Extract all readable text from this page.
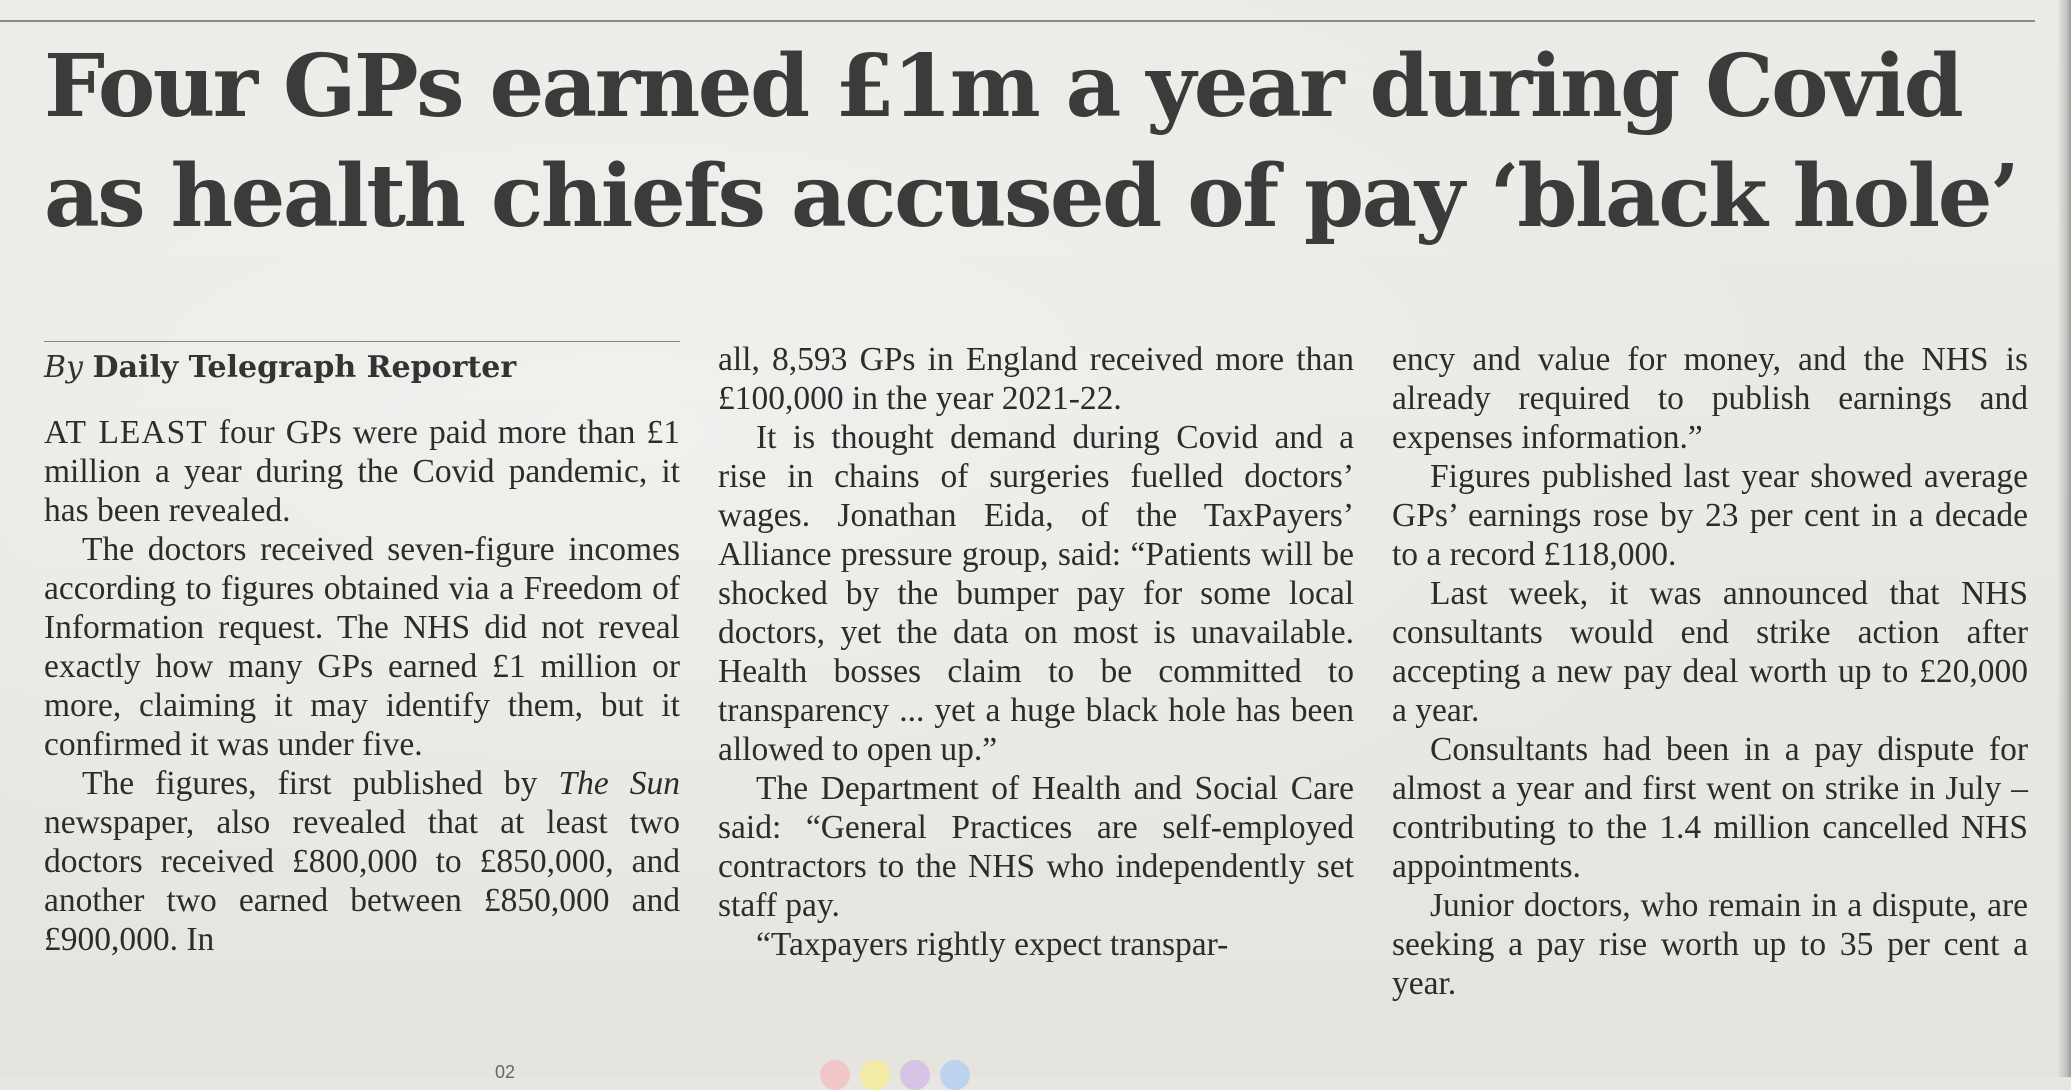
Four GPs earned £1m a year during Covid
as health chiefs accused of pay ‘black hole’
By Daily Telegraph Reporter

AT LEAST four GPs were paid more than £1 million a year during the Covid pandemic, it has been revealed.

The doctors received seven-figure incomes according to figures obtained via a Freedom of Information request. The NHS did not reveal exactly how many GPs earned £1 million or more, claiming it may identify them, but it confirmed it was under five.

The figures, first published by The Sun newspaper, also revealed that at least two doctors received £800,000 to £850,000, and another two earned between £850,000 and £900,000. In

all, 8,593 GPs in England received more than £100,000 in the year 2021-22.

It is thought demand during Covid and a rise in chains of surgeries fuelled doctors’ wages. Jonathan Eida, of the TaxPayers’ Alliance pressure group, said: “Patients will be shocked by the bumper pay for some local doctors, yet the data on most is unavailable. Health bosses claim to be committed to transparency ... yet a huge black hole has been allowed to open up.”

The Department of Health and Social Care said: “General Practices are self-employed contractors to the NHS who independently set staff pay.

“Taxpayers rightly expect transpar-

ency and value for money, and the NHS is already required to publish earnings and expenses information.”

Figures published last year showed average GPs’ earnings rose by 23 per cent in a decade to a record £118,000.

Last week, it was announced that NHS consultants would end strike action after accepting a new pay deal worth up to £20,000 a year.

Consultants had been in a pay dispute for almost a year and first went on strike in July – contributing to the 1.4 million cancelled NHS appointments.

Junior doctors, who remain in a dispute, are seeking a pay rise worth up to 35 per cent a year.

02
